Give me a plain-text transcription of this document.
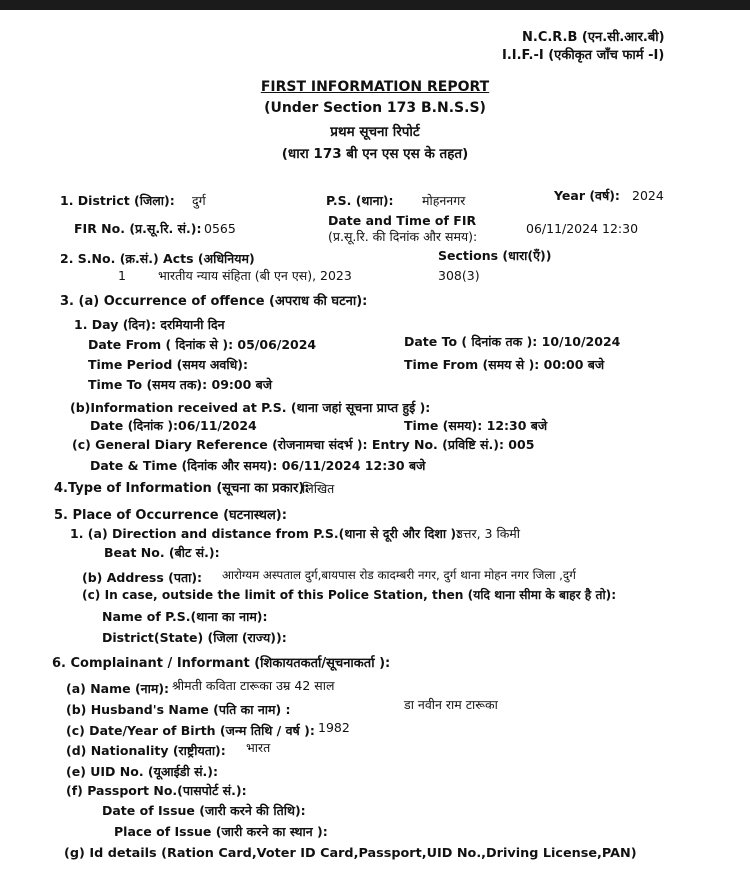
N.C.R.B (एन.सी.आर.बी)
I.I.F.-I (एकीकृत जाँच फार्म -I)
FIRST INFORMATION REPORT
(Under Section 173 B.N.S.S)
प्रथम सूचना रिपोर्ट
(धारा 173 बी एन एस एस के तहत)
1. District (जिला): दुर्ग	P.S. (थाना): मोहननगर	Year (वर्ष): 2024
FIR No. (प्र.सू.रि. सं.): 0565
Date and Time of FIR
(प्र.सू.रि. की दिनांक और समय):
06/11/2024 12:30
2. S.No. (क्र.सं.) Acts (अधिनियम)	Sections (धारा(एँ))
1	भारतीय न्याय संहिता (बी एन एस), 2023	308(3)
3. (a) Occurrence of offence (अपराध की घटना):
1. Day (दिन): दरमियानी दिन
Date From ( दिनांक से ): 05/06/2024	Date To ( दिनांक तक ): 10/10/2024
Time Period (समय अवधि):	Time From (समय से ): 00:00 बजे
Time To (समय तक): 09:00 बजे
(b)Information received at P.S. (थाना जहां सूचना प्राप्त हुई ):
Date (दिनांक ):06/11/2024	Time (समय): 12:30 बजे
(c) General Diary Reference (रोजनामचा संदर्भ ): Entry No. (प्रविष्टि सं.): 005
Date & Time (दिनांक और समय): 06/11/2024 12:30 बजे
4.Type of Information (सूचना का प्रकार):
लिखित
5. Place of Occurrence (घटनास्थल):
1. (a) Direction and distance from P.S.(थाना से दूरी और दिशा ):
उत्तर, 3 किमी
Beat No. (बीट सं.):
(b) Address (पता): आरोग्यम अस्पताल दुर्ग,बायपास रोड कादम्बरी नगर, दुर्ग थाना मोहन नगर जिला ,दुर्ग
(c) In case, outside the limit of this Police Station, then (यदि थाना सीमा के बाहर है तो):
Name of P.S.(थाना का नाम):
District(State) (जिला (राज्य)):
6. Complainant / Informant (शिकायतकर्ता/सूचनाकर्ता ):
(a) Name (नाम): श्रीमती कविता टारूका उम्र 42 साल
(b) Husband's Name (पति का नाम) :	डा नवीन राम टारूका
(c) Date/Year of Birth (जन्म तिथि / वर्ष ): 1982
(d) Nationality (राष्ट्रीयता): भारत
(e) UID No. (यूआईडी सं.):
(f) Passport No.(पासपोर्ट सं.):
Date of Issue (जारी करने की तिथि):
Place of Issue (जारी करने का स्थान ):
(g) Id details (Ration Card,Voter ID Card,Passport,UID No.,Driving License,PAN)
